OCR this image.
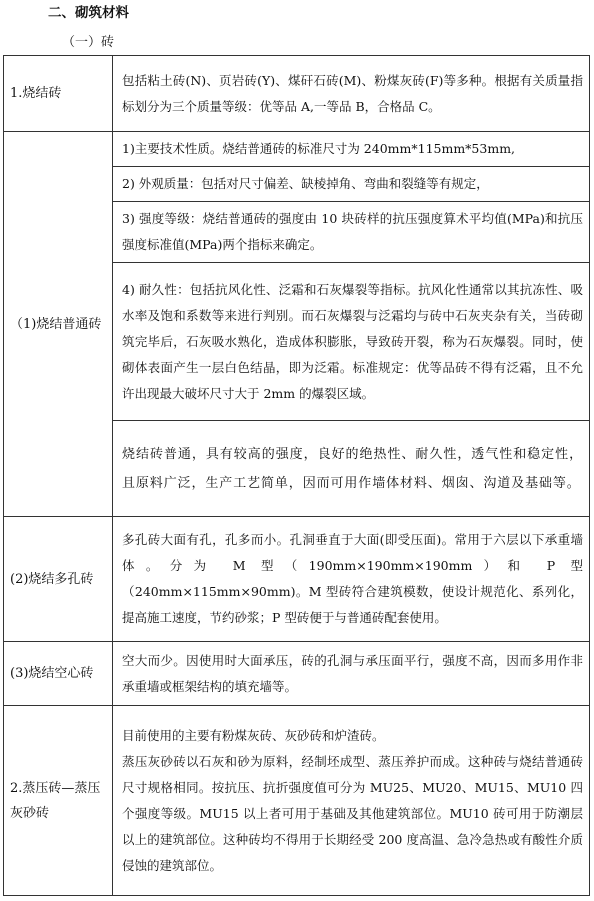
二、砌筑材料
（一）砖
1.烧结砖	包括粘土砖(N)、页岩砖(Y)、煤矸石砖(M)、粉煤灰砖(F)等多种。根据有关质量指标划分为三个质量等级：优等品 A,一等品 B，合格品 C。
（1)烧结普通砖	1)主要技术性质。烧结普通砖的标准尺寸为 240mm*115mm*53mm,
	2) 外观质量：包括对尺寸偏差、缺棱掉角、弯曲和裂缝等有规定，
	3) 强度等级：烧结普通砖的强度由 10 块砖样的抗压强度算术平均值(MPa)和抗压强度标准值(MPa)两个指标来确定。
	4) 耐久性：包括抗风化性、泛霜和石灰爆裂等指标。抗风化性通常以其抗冻性、吸水率及饱和系数等来进行判别。而石灰爆裂与泛霜均与砖中石灰夹杂有关，当砖砌筑完毕后，石灰吸水熟化，造成体积膨胀，导致砖开裂，称为石灰爆裂。同时，使砌体表面产生一层白色结晶，即为泛霜。标准规定：优等品砖不得有泛霜，且不允许出现最大破坏尺寸大于 2mm 的爆裂区域。
	烧结砖普通，具有较高的强度，良好的绝热性、耐久性，透气性和稳定性，且原料广泛，生产工艺简单，因而可用作墙体材料、烟囱、沟道及基础等。
(2)烧结多孔砖	多孔砖大面有孔，孔多而小。孔洞垂直于大面(即受压面)。常用于六层以下承重墙体。分为 M 型（190mm×190mm×190mm）和 P 型（240mm×115mm×90mm)。M 型砖符合建筑模数，使设计规范化、系列化，提高施工速度，节约砂浆；P 型砖便于与普通砖配套使用。
(3)烧结空心砖	空大而少。因使用时大面承压，砖的孔洞与承压面平行，强度不高，因而多用作非承重墙或框架结构的填充墙等。
2.蒸压砖—蒸压灰砂砖	目前使用的主要有粉煤灰砖、灰砂砖和炉渣砖。

蒸压灰砂砖以石灰和砂为原料，经制坯成型、蒸压养护而成。这种砖与烧结普通砖尺寸规格相同。按抗压、抗折强度值可分为 MU25、MU20、MU15、MU10 四个强度等级。MU15 以上者可用于基础及其他建筑部位。MU10 砖可用于防潮层以上的建筑部位。这种砖均不得用于长期经受 200 度高温、急冷急热或有酸性介质侵蚀的建筑部位。
